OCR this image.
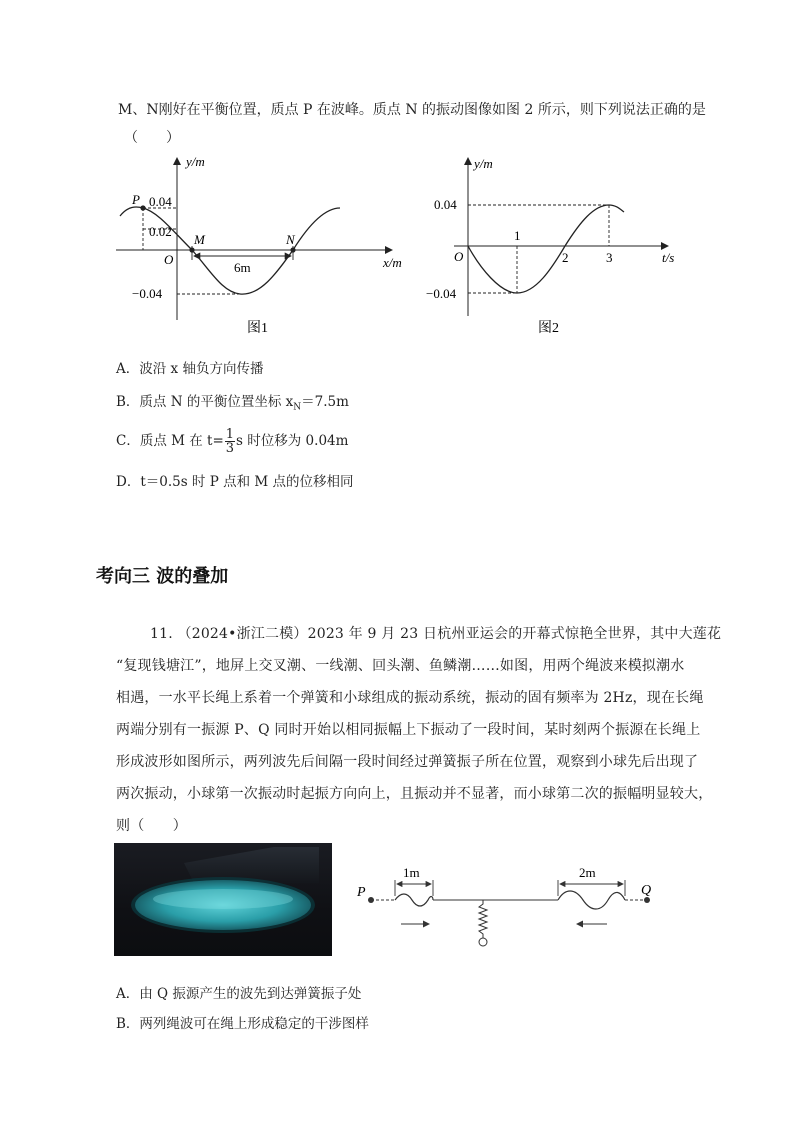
M、N刚好在平衡位置，质点 P 在波峰。质点 N 的振动图像如图 2 所示，则下列说法正确的是
（　　）
y/m
x/m
O
P
M	N
0.04
0.02
−0.04
6m
图1
y/m
t/s
O
0.04
−0.04
1
2	3
图2
A．波沿 x 轴负方向传播
B．质点 N 的平衡位置坐标 $x_N=7.5m$
C．质点 M 在 $t= \frac{1}{3}$ s 时位移为 0.04m
D．t＝0.5s 时 P 点和 M 点的位移相同
考向三 波的叠加
11. （2024•浙江二模）2023 年 9 月 23 日杭州亚运会的开幕式惊艳全世界，其中大莲花
“复现钱塘江”，地屏上交叉潮、一线潮、回头潮、鱼鳞潮……如图，用两个绳波来模拟潮水
相遇，一水平长绳上系着一个弹簧和小球组成的振动系统，振动的固有频率为 2Hz，现在长绳
两端分别有一振源 P、Q 同时开始以相同振幅上下振动了一段时间，某时刻两个振源在长绳上
形成波形如图所示，两列波先后间隔一段时间经过弹簧振子所在位置，观察到小球先后出现了
两次振动，小球第一次振动时起振方向向上，且振动并不显著，而小球第二次的振幅明显较大，
则（　　）
P	Q
1m	2m
A．由 Q 振源产生的波先到达弹簧振子处
B．两列绳波可在绳上形成稳定的干涉图样
